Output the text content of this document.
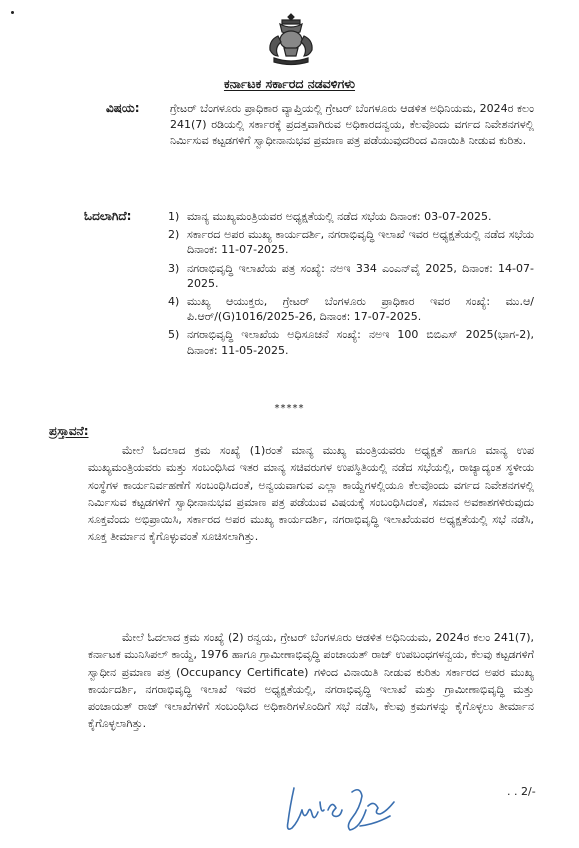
ಕರ್ನಾಟಕ ಸರ್ಕಾರದ ನಡವಳಿಗಳು
ವಿಷಯ:	ಗ್ರೇಟರ್ ಬೆಂಗಳೂರು ಪ್ರಾಧಿಕಾರ ವ್ಯಾಪ್ತಿಯಲ್ಲಿ ಗ್ರೇಟರ್ ಬೆಂಗಳೂರು ಆಡಳಿತ ಅಧಿನಿಯಮ, 2024ರ ಕಲಂ 241(7) ರಡಿಯಲ್ಲಿ ಸರ್ಕಾರಕ್ಕೆ ಪ್ರದತ್ತವಾಗಿರುವ ಅಧಿಕಾರದನ್ವಯ, ಕೆಲವೊಂದು ವರ್ಗದ ನಿವೇಶನಗಳಲ್ಲಿ ನಿರ್ಮಿಸುವ ಕಟ್ಟಡಗಳಿಗೆ ಸ್ವಾಧೀನಾನುಭವ ಪ್ರಮಾಣ ಪತ್ರ ಪಡೆಯುವುದರಿಂದ ವಿನಾಯಿತಿ ನೀಡುವ ಕುರಿತು.
ಓದಲಾಗಿದೆ:	1) ಮಾನ್ಯ ಮುಖ್ಯಮಂತ್ರಿಯವರ ಅಧ್ಯಕ್ಷತೆಯಲ್ಲಿ ನಡೆದ ಸಭೆಯ ದಿನಾಂಕ: 03-07-2025.
2) ಸರ್ಕಾರದ ಅಪರ ಮುಖ್ಯ ಕಾರ್ಯದರ್ಶಿ, ನಗರಾಭಿವೃದ್ಧಿ ಇಲಾಖೆ ಇವರ ಅಧ್ಯಕ್ಷತೆಯಲ್ಲಿ ನಡೆದ ಸಭೆಯ ದಿನಾಂಕ: 11-07-2025.
3) ನಗರಾಭಿವೃದ್ಧಿ ಇಲಾಖೆಯ ಪತ್ರ ಸಂಖ್ಯೆ: ನಅಇ 334 ಎಂಎನ್‌ವೈ 2025, ದಿನಾಂಕ: 14-07-2025.
4) ಮುಖ್ಯ ಆಯುಕ್ತರು, ಗ್ರೇಟರ್ ಬೆಂಗಳೂರು ಪ್ರಾಧಿಕಾರ ಇವರ ಸಂಖ್ಯೆ: ಮು.ಆ/ಪಿ.ಆರ್/(G)1016/2025-26, ದಿನಾಂಕ: 17-07-2025.
5) ನಗರಾಭಿವೃದ್ಧಿ ಇಲಾಖೆಯ ಅಧಿಸೂಚನೆ ಸಂಖ್ಯೆ: ನಅಇ 100 ಬಿಬಿಎಸ್ 2025(ಭಾಗ-2), ದಿನಾಂಕ: 11-05-2025.
*****
ಪ್ರಸ್ತಾವನೆ:

ಮೇಲೆ ಓದಲಾದ ಕ್ರಮ ಸಂಖ್ಯೆ (1)ರಂತೆ ಮಾನ್ಯ ಮುಖ್ಯ ಮಂತ್ರಿಯವರು ಅಧ್ಯಕ್ಷತೆ ಹಾಗೂ ಮಾನ್ಯ ಉಪ ಮುಖ್ಯಮಂತ್ರಿಯವರು ಮತ್ತು ಸಂಬಂಧಿಸಿದ ಇತರ ಮಾನ್ಯ ಸಚಿವರುಗಳ ಉಪಸ್ಥಿತಿಯಲ್ಲಿ ನಡೆದ ಸಭೆಯಲ್ಲಿ, ರಾಜ್ಯಾದ್ಯಂತ ಸ್ಥಳೀಯ ಸಂಸ್ಥೆಗಳ ಕಾರ್ಯನಿರ್ವಹಣೆಗೆ ಸಂಬಂಧಿಸಿದಂತೆ, ಅನ್ವಯವಾಗುವ ಎಲ್ಲಾ ಕಾಯ್ದೆಗಳಲ್ಲಿಯೂ ಕೆಲವೊಂದು ವರ್ಗದ ನಿವೇಶನಗಳಲ್ಲಿ ನಿರ್ಮಿಸುವ ಕಟ್ಟಡಗಳಿಗೆ ಸ್ವಾಧೀನಾನುಭವ ಪ್ರಮಾಣ ಪತ್ರ ಪಡೆಯುವ ವಿಷಯಕ್ಕೆ ಸಂಬಂಧಿಸಿದಂತೆ, ಸಮಾನ ಅವಕಾಶಗಳಿರುವುದು ಸೂಕ್ತವೆಂದು ಅಭಿಪ್ರಾಯಿಸಿ, ಸರ್ಕಾರದ ಅಪರ ಮುಖ್ಯ ಕಾರ್ಯದರ್ಶಿ, ನಗರಾಭಿವೃದ್ಧಿ ಇಲಾಖೆಯವರ ಅಧ್ಯಕ್ಷತೆಯಲ್ಲಿ ಸಭೆ ನಡೆಸಿ, ಸೂಕ್ತ ತೀರ್ಮಾನ ಕೈಗೊಳ್ಳುವಂತೆ ಸೂಚಿಸಲಾಗಿತ್ತು.

ಮೇಲೆ ಓದಲಾದ ಕ್ರಮ ಸಂಖ್ಯೆ (2) ರನ್ವಯ, ಗ್ರೇಟರ್ ಬೆಂಗಳೂರು ಆಡಳಿತ ಅಧಿನಿಯಮ, 2024ರ ಕಲಂ 241(7), ಕರ್ನಾಟಕ ಮುನಿಸಿಪಲ್ ಕಾಯ್ದೆ, 1976 ಹಾಗೂ ಗ್ರಾಮೀಣಾಭಿವೃದ್ಧಿ ಪಂಚಾಯತ್ ರಾಜ್ ಉಪಬಂಧಗಳನ್ವಯ, ಕೆಲವು ಕಟ್ಟಡಗಳಿಗೆ ಸ್ವಾಧೀನ ಪ್ರಮಾಣ ಪತ್ರ (Occupancy Certificate) ಗಳಿಂದ ವಿನಾಯಿತಿ ನೀಡುವ ಕುರಿತು ಸರ್ಕಾರದ ಅಪರ ಮುಖ್ಯ ಕಾರ್ಯದರ್ಶಿ, ನಗರಾಭಿವೃದ್ಧಿ ಇಲಾಖೆ ಇವರ ಅಧ್ಯಕ್ಷತೆಯಲ್ಲಿ, ನಗರಾಭಿವೃದ್ಧಿ ಇಲಾಖೆ ಮತ್ತು ಗ್ರಾಮೀಣಾಭಿವೃದ್ಧಿ ಮತ್ತು ಪಂಚಾಯತ್ ರಾಜ್ ಇಲಾಖೆಗಳಿಗೆ ಸಂಬಂಧಿಸಿದ ಅಧಿಕಾರಿಗಳೊಂದಿಗೆ ಸಭೆ ನಡೆಸಿ, ಕೆಲವು ಕ್ರಮಗಳನ್ನು ಕೈಗೊಳ್ಳಲು ತೀರ್ಮಾನ ಕೈಗೊಳ್ಳಲಾಗಿತ್ತು.

. . 2/-
